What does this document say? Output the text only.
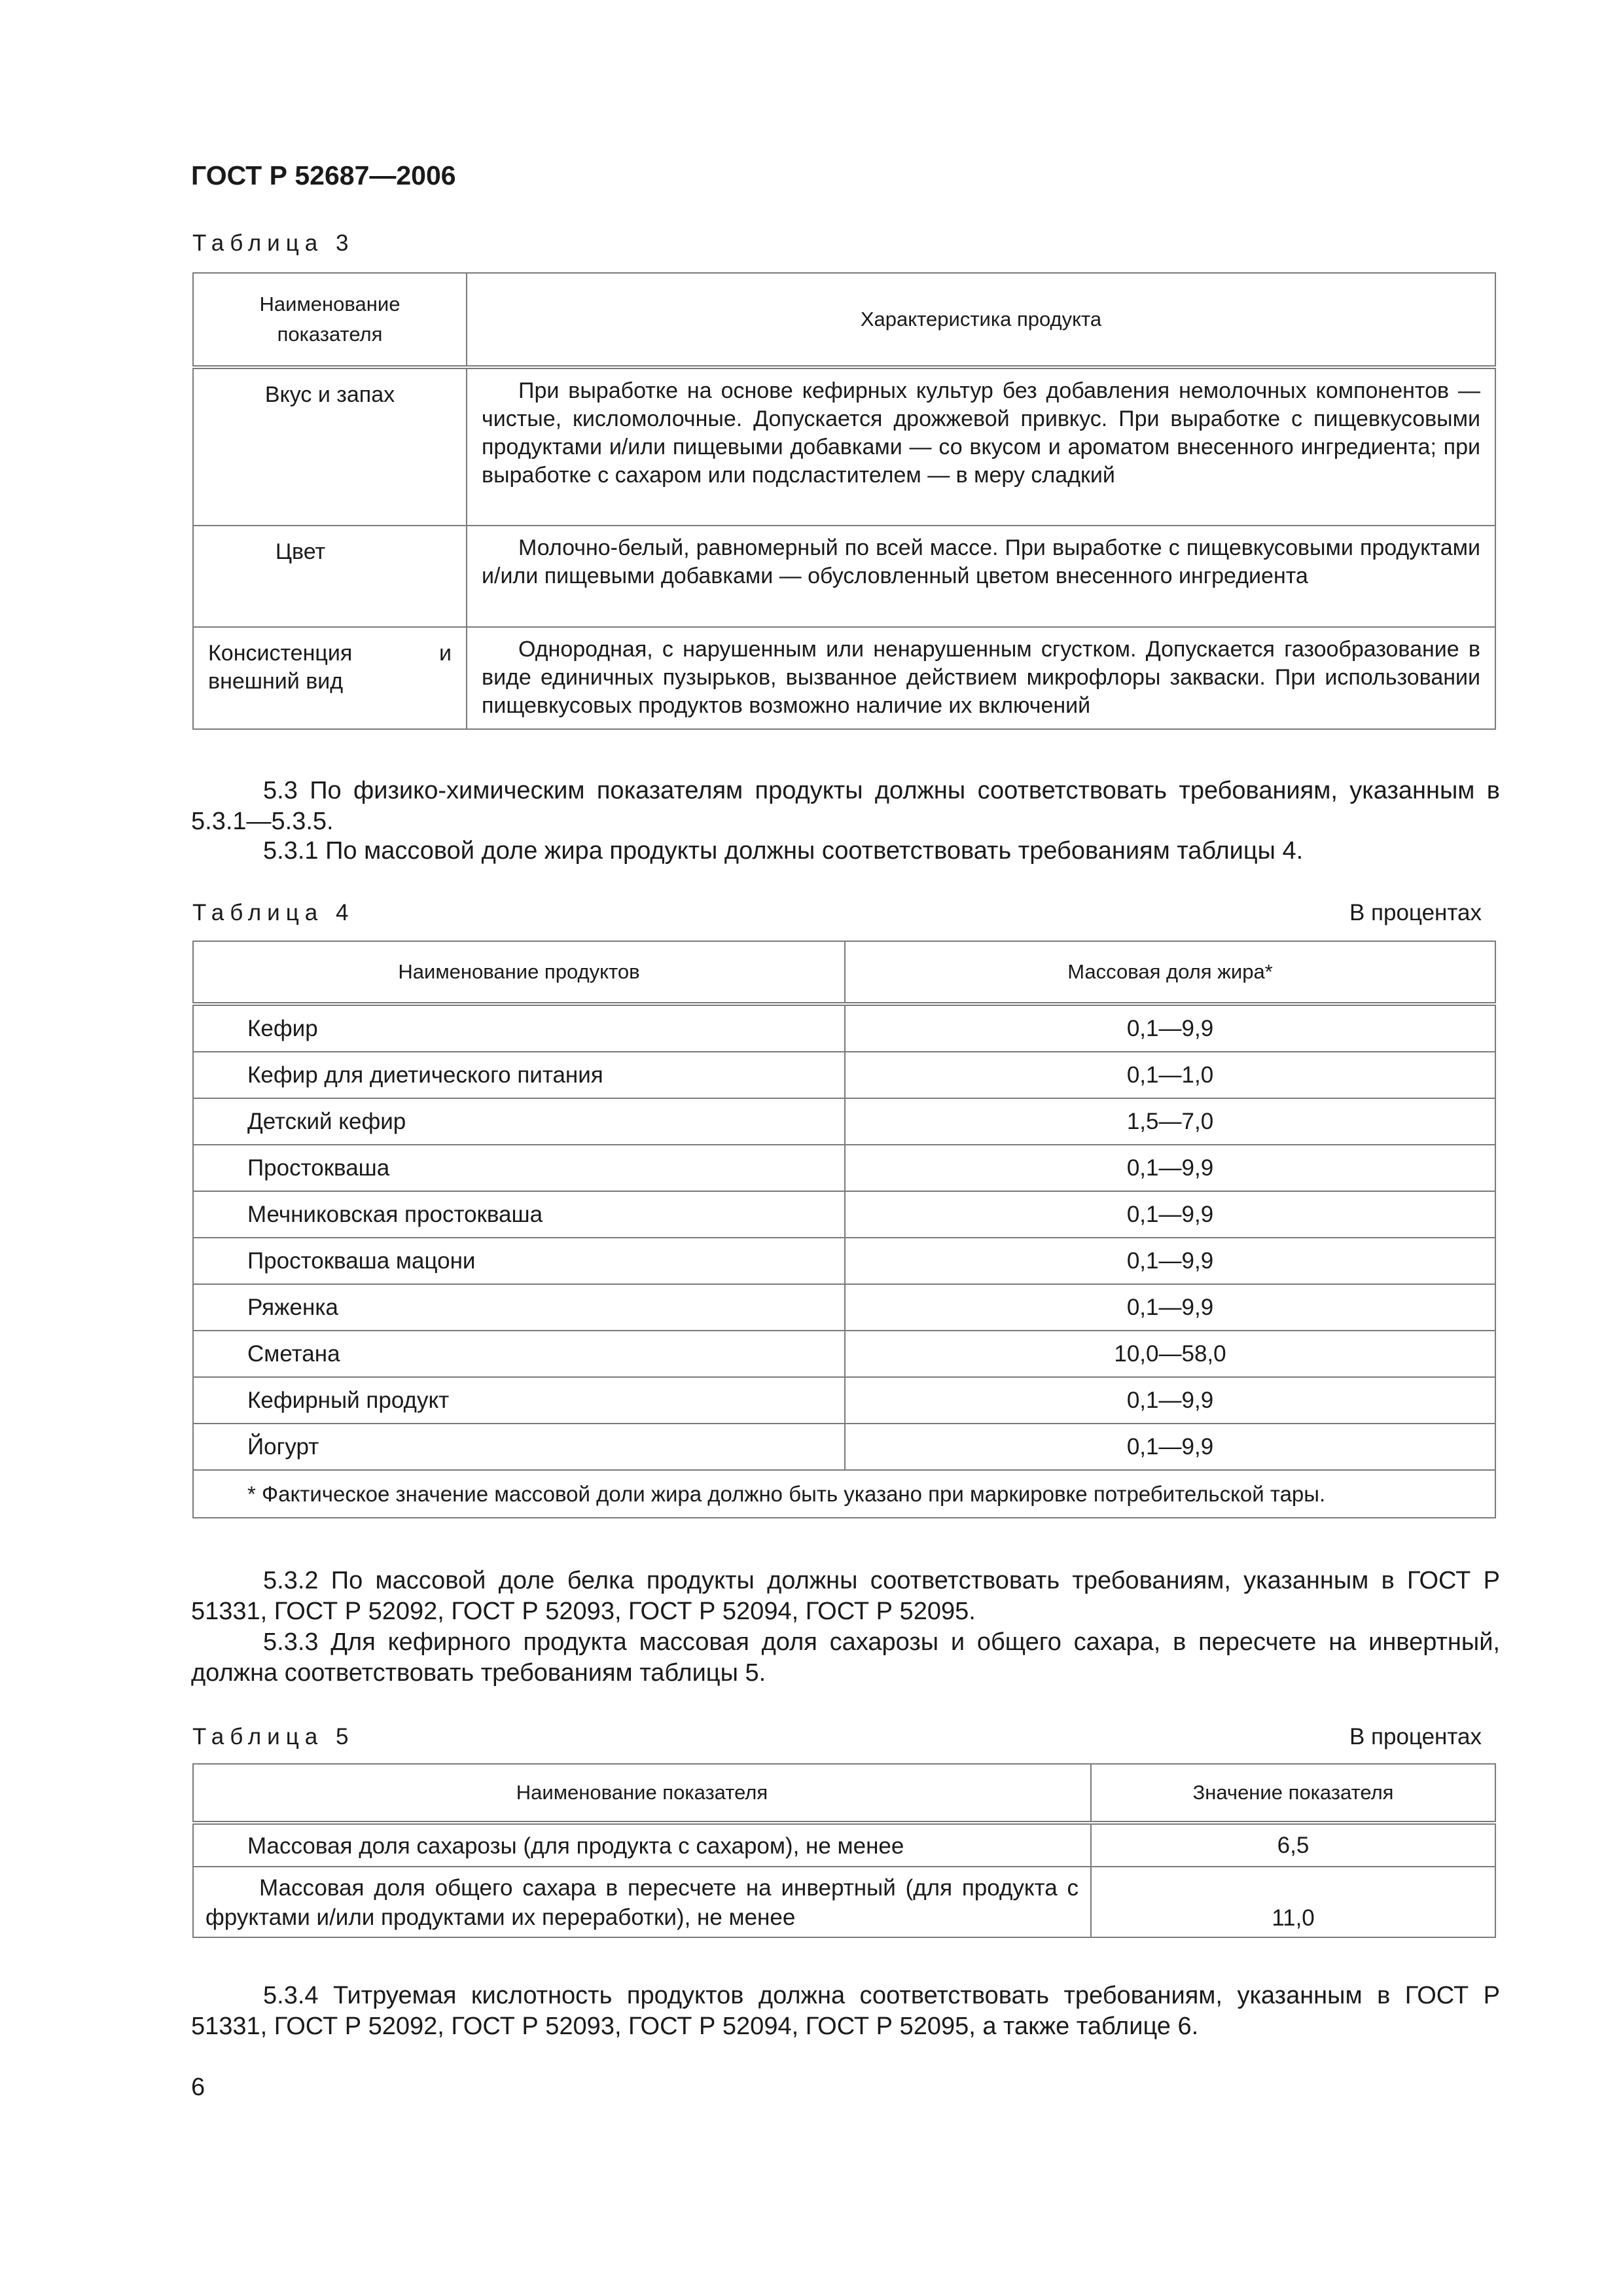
ГОСТ Р 52687—2006
Таблица 3
Наименование показателя	Характеристика продукта
Вкус и запах	При выработке на основе кефирных культур без добавления немолочных компонентов — чистые, кисломолочные. Допускается дрожжевой привкус. При выработке с пищевкусовыми продуктами и/или пищевыми добавками — со вкусом и ароматом внесенного ингредиента; при выработке с сахаром или подсластителем — в меру сладкий
Цвет	Молочно-белый, равномерный по всей массе. При выработке с пищевкусовыми продуктами и/или пищевыми добавками — обусловленный цветом внесенного ингредиента
Консистенция и внешний вид	Однородная, с нарушенным или ненарушенным сгустком. Допускается газообразование в виде единичных пузырьков, вызванное действием микрофлоры закваски. При использовании пищевкусовых продуктов возможно наличие их включений
5.3 По физико-химическим показателям продукты должны соответствовать требованиям, указанным в 5.3.1—5.3.5.
5.3.1 По массовой доле жира продукты должны соответствовать требованиям таблицы 4.
Таблица 4	В процентах
Наименование продуктов	Массовая доля жира*
Кефир	0,1—9,9
Кефир для диетического питания	0,1—1,0
Детский кефир	1,5—7,0
Простокваша	0,1—9,9
Мечниковская простокваша	0,1—9,9
Простокваша мацони	0,1—9,9
Ряженка	0,1—9,9
Сметана	10,0—58,0
Кефирный продукт	0,1—9,9
Йогурт	0,1—9,9
* Фактическое значение массовой доли жира должно быть указано при маркировке потребительской тары.	
5.3.2 По массовой доле белка продукты должны соответствовать требованиям, указанным в ГОСТ Р 51331, ГОСТ Р 52092, ГОСТ Р 52093, ГОСТ Р 52094, ГОСТ Р 52095.
5.3.3 Для кефирного продукта массовая доля сахарозы и общего сахара, в пересчете на инвертный, должна соответствовать требованиям таблицы 5.
Таблица 5	В процентах
Наименование показателя	Значение показателя
Массовая доля сахарозы (для продукта с сахаром), не менее	6,5
Массовая доля общего сахара в пересчете на инвертный (для продукта с фруктами и/или продуктами их переработки), не менее	11,0
5.3.4 Титруемая кислотность продуктов должна соответствовать требованиям, указанным в ГОСТ Р 51331, ГОСТ Р 52092, ГОСТ Р 52093, ГОСТ Р 52094, ГОСТ Р 52095, а также таблице 6.
6
